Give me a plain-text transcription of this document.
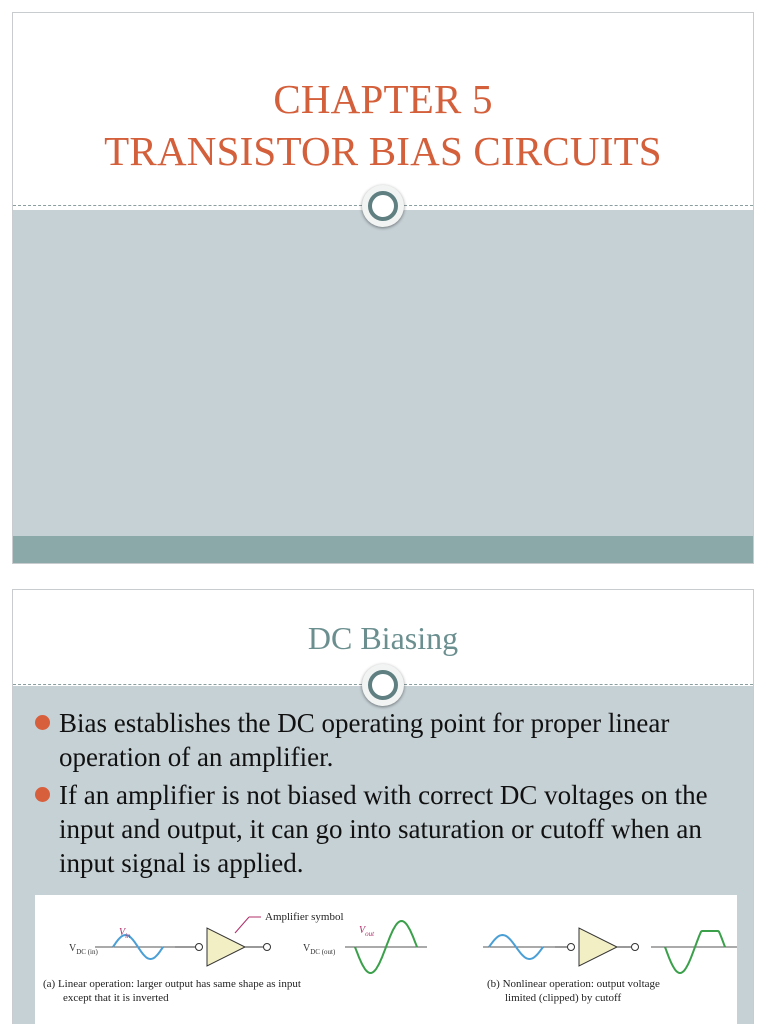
CHAPTER 5
TRANSISTOR BIAS CIRCUITS
DC Biasing
Bias establishes the DC operating point for proper linear operation of an amplifier.
If an amplifier is not biased with correct DC voltages on the input and output, it can go into saturation or cutoff when an input signal is applied.
Amplifier symbol
$V_{in}$
$V_{DC (in)}$	$V_{DC (out)}$
$V_{out}$
(a) Linear operation: larger output has same shape as input
except that it is inverted
(b) Nonlinear operation: output voltage
limited (clipped) by cutoff
